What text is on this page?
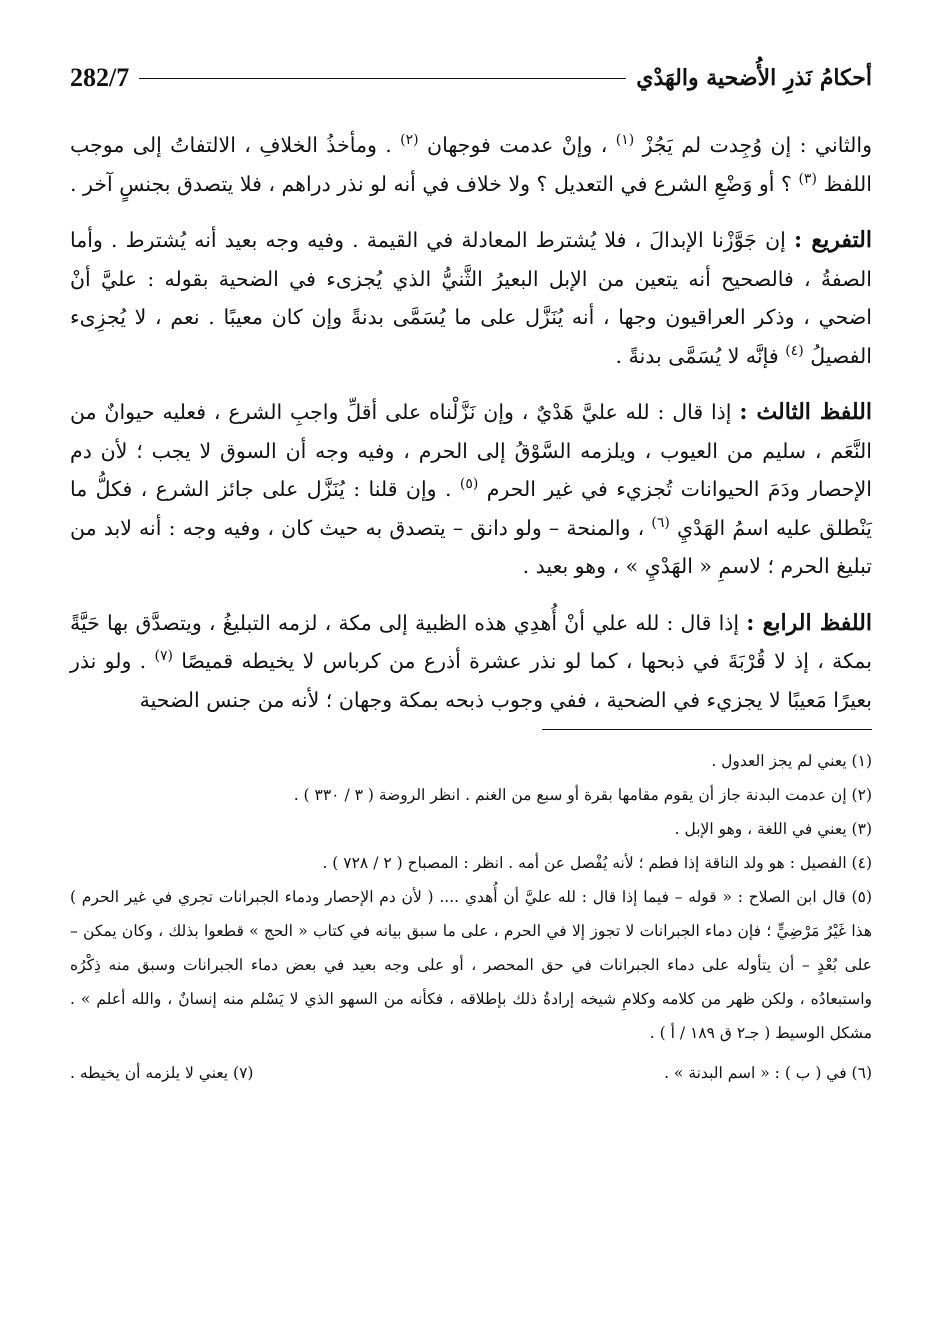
أحكامُ نَذرِ الأُضحية والهَدْي
282/7

والثاني : إن وُجِدت لم يَجُزْ $^{(١)}$ ، وإنْ عدمت فوجهان $^{(٢)}$ . ومأخذُ الخلافِ ، الالتفاتُ إلى موجب اللفظ $^{(٣)}$ ؟ أو وَضْعِ الشرع في التعديل ؟ ولا خلاف في أنه لو نذر دراهم ، فلا يتصدق بجنسٍ آخر .

التفريع : إن جَوَّزْنا الإبدالَ ، فلا يُشترط المعادلة في القيمة . وفيه وجه بعيد أنه يُشترط . وأما الصفةُ ، فالصحيح أنه يتعين من الإبل البعيرُ الثَّنيُّ الذي يُجزىء في الضحية بقوله : عليَّ أنْ اضحي ، وذكر العراقيون وجها ، أنه يُنَزَّل على ما يُسَمَّى بدنةً وإن كان معيبًا . نعم ، لا يُجزِىء الفصيلُ $^{(٤)}$ فإنَّه لا يُسَمَّى بدنةً .

اللفظ الثالث : إذا قال : لله عليَّ هَدْيٌ ، وإن نَزَّلْناه على أقلِّ واجبِ الشرع ، فعليه حيوانٌ من النَّعَم ، سليم من العيوب ، ويلزمه السَّوْقُ إلى الحرم ، وفيه وجه أن السوق لا يجب ؛ لأن دم الإحصار ودَمَ الحيوانات تُجزيء في غير الحرم $^{(٥)}$ . وإن قلنا : يُنَزَّل على جائز الشرع ، فكلُّ ما يَنْطلق عليه اسمُ الهَدْيِ $^{(٦)}$ ، والمنحة – ولو دانق – يتصدق به حيث كان ، وفيه وجه : أنه لابد من تبليغ الحرم ؛ لاسمِ « الهَدْيِ » ، وهو بعيد .

اللفظ الرابع : إذا قال : لله علي أنْ أُهدِي هذه الظبية إلى مكة ، لزمه التبليغُ ، ويتصدَّق بها حَيَّةً بمكة ، إذ لا قُرْبَةَ في ذبحها ، كما لو نذر عشرة أذرع من كرباس لا يخيطه قميصًا $^{(٧)}$ . ولو نذر بعيرًا مَعيبًا لا يجزيء في الضحية ، ففي وجوب ذبحه بمكة وجهان ؛ لأنه من جنس الضحية

(١) يعني لم يجز العدول .

(٢) إن عدمت البدنة جاز أن يقوم مقامها بقرة أو سبع من الغنم . انظر الروضة ( ٣ / ٣٣٠ ) .

(٣) يعني في اللغة ، وهو الإبل .

(٤) الفصيل : هو ولد الناقة إذا فطم ؛ لأنه يُفْصل عن أمه . انظر : المصباح ( ٢ / ٧٢٨ ) .

(٥) قال ابن الصلاح : « قوله – فيما إذا قال : لله عليَّ أن أُهدي .... ( لأن دم الإحصار ودماء الجبرانات تجري في غير الحرم ) هذا غَيْرُ مَرْضِيٍّ ؛ فإن دماء الجبرانات لا تجوز إلا في الحرم ، على ما سبق بيانه في كتاب « الحج » قطعوا بذلك ، وكان يمكن – على بُعْدٍ – أن يتأوله على دماء الجبرانات في حق المحصر ، أو على وجه بعيد في بعض دماء الجبرانات وسبق منه ذِكْرُه واستبعادُه ، ولكن ظهر من كلامه وكلامِ شيخه إرادةُ ذلك بإطلاقه ، فكأنه من السهو الذي لا يَسْلم منه إنسانٌ ، والله أعلم » . مشكل الوسيط ( جـ٢ ق ١٨٩ / أ ) .

(٦) في ( ب ) : « اسم البدنة » .
(٧) يعني لا يلزمه أن يخيطه .
